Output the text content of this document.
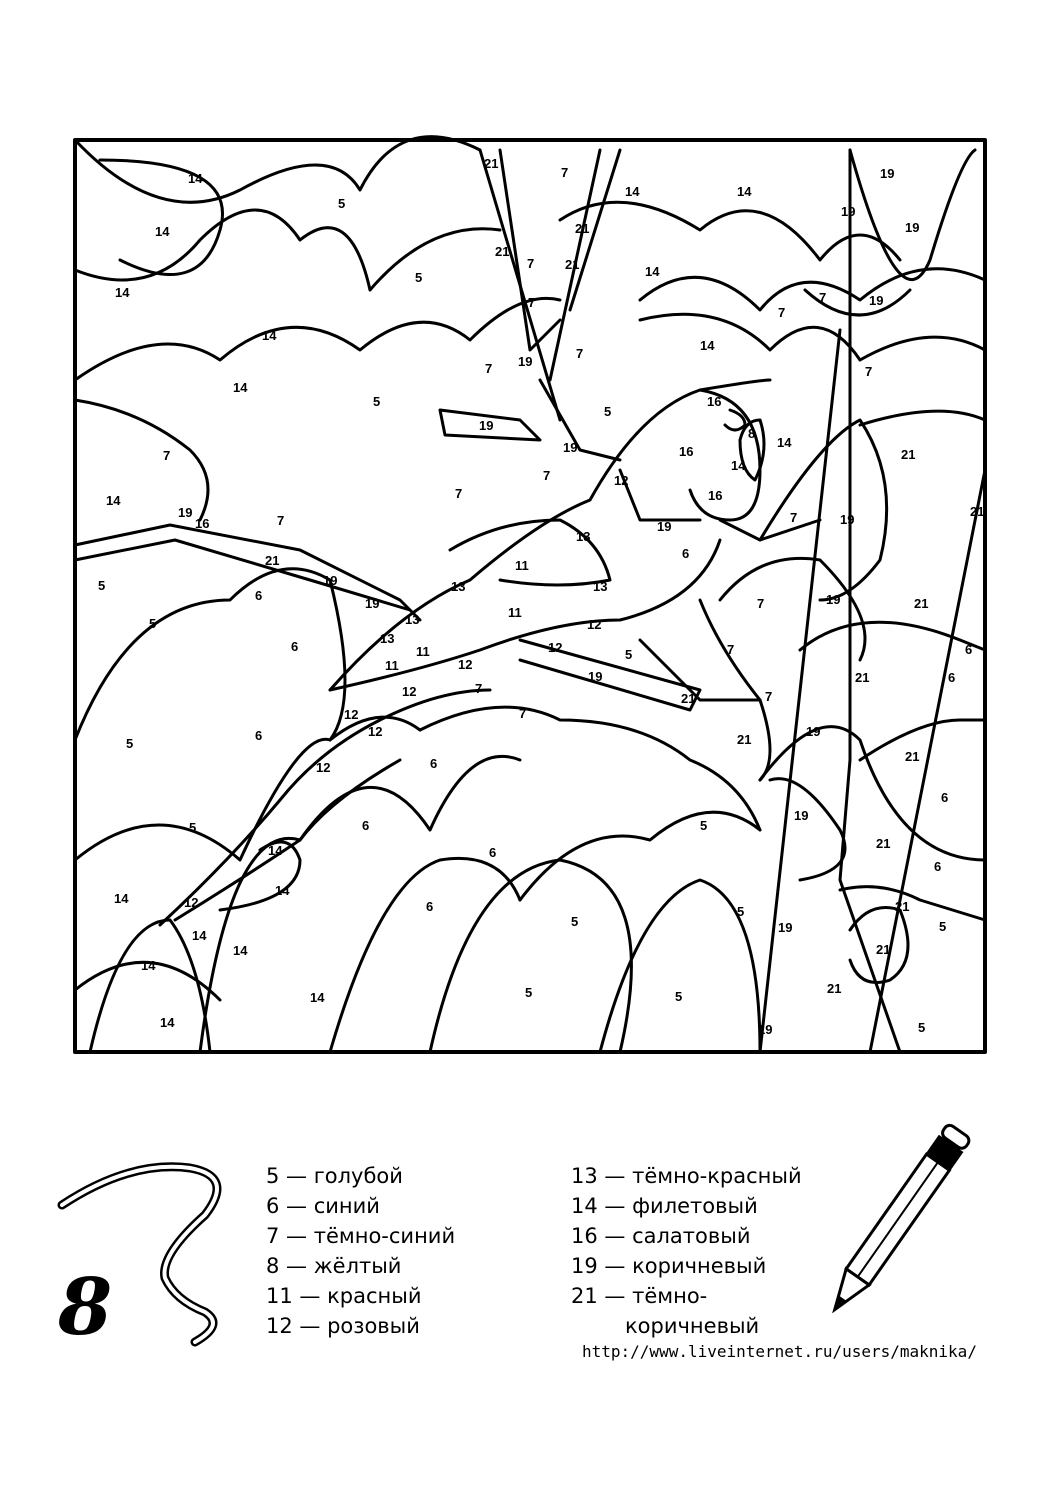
14
5
21
7
14	14
19
19
14
5
21
21
7
19
14
14	7
21
14
7
7
7
19
14
5
7 19
7
14
5
16
14
8
7	21
14
19
19	16
14
19
7
12
16
16	19
7
7	7
13
19
21
21	11
6
5
6
19	13
11
13
19
7	21
6
19
13
11
12
6
13
11
12
5
5
12
21	6
12	7
7
7
21
19
12
6
7
21
19
21
12
5
6
6
12
19
5
14
6
6
14
5
21
14
14
12	6
6
5	19
21
21
5
14
14
5
14	5	21
5
14	19	5
5 — голубой
6 — синий
7 — тёмно-синий
8 — жёлтый
11 — красный
12 — розовый
13 — тёмно-красный
14 — филетовый
16 — салатовый
19 — коричневый
21 — тёмно-
коричневый
8	http://www.liveinternet.ru/users/maknika/
